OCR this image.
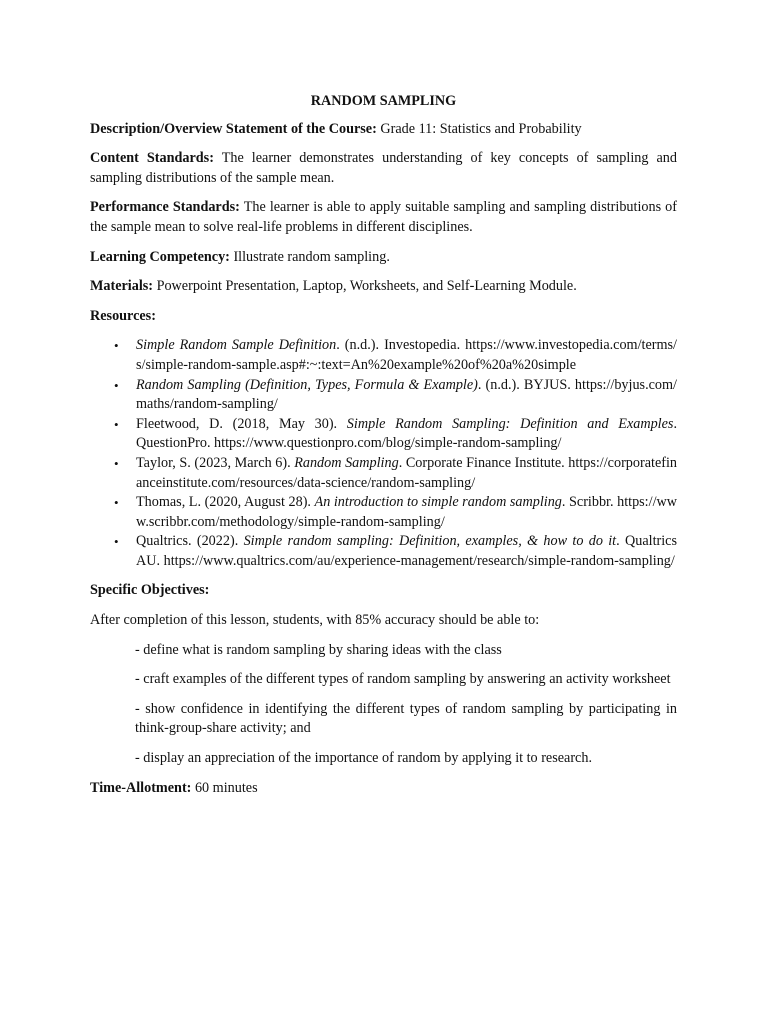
RANDOM SAMPLING

Description/Overview Statement of the Course: Grade 11: Statistics and Probability

Content Standards: The learner demonstrates understanding of key concepts of sampling and sampling distributions of the sample mean.

Performance Standards: The learner is able to apply suitable sampling and sampling distributions of the sample mean to solve real-life problems in different disciplines.

Learning Competency: Illustrate random sampling.

Materials: Powerpoint Presentation, Laptop, Worksheets, and Self-Learning Module.

Resources:

• Simple Random Sample Definition. (n.d.). Investopedia. https://www.investopedia.com/terms/s/simple-random-sample.asp#:~:text=An%20example%20of%20a%20simple
• Random Sampling (Definition, Types, Formula & Example). (n.d.). BYJUS. https://byjus.com/maths/random-sampling/
• Fleetwood, D. (2018, May 30). Simple Random Sampling: Definition and Examples. QuestionPro. https://www.questionpro.com/blog/simple-random-sampling/
• Taylor, S. (2023, March 6). Random Sampling. Corporate Finance Institute. https://corporatefinanceinstitute.com/resources/data-science/random-sampling/
• Thomas, L. (2020, August 28). An introduction to simple random sampling. Scribbr. https://www.scribbr.com/methodology/simple-random-sampling/
• Qualtrics. (2022). Simple random sampling: Definition, examples, & how to do it. Qualtrics AU. https://www.qualtrics.com/au/experience-management/research/simple-random-sampling/

Specific Objectives:

After completion of this lesson, students, with 85% accuracy should be able to:

- define what is random sampling by sharing ideas with the class

- craft examples of the different types of random sampling by answering an activity worksheet

- show confidence in identifying the different types of random sampling by participating in think-group-share activity; and

- display an appreciation of the importance of random by applying it to research.

Time-Allotment: 60 minutes
